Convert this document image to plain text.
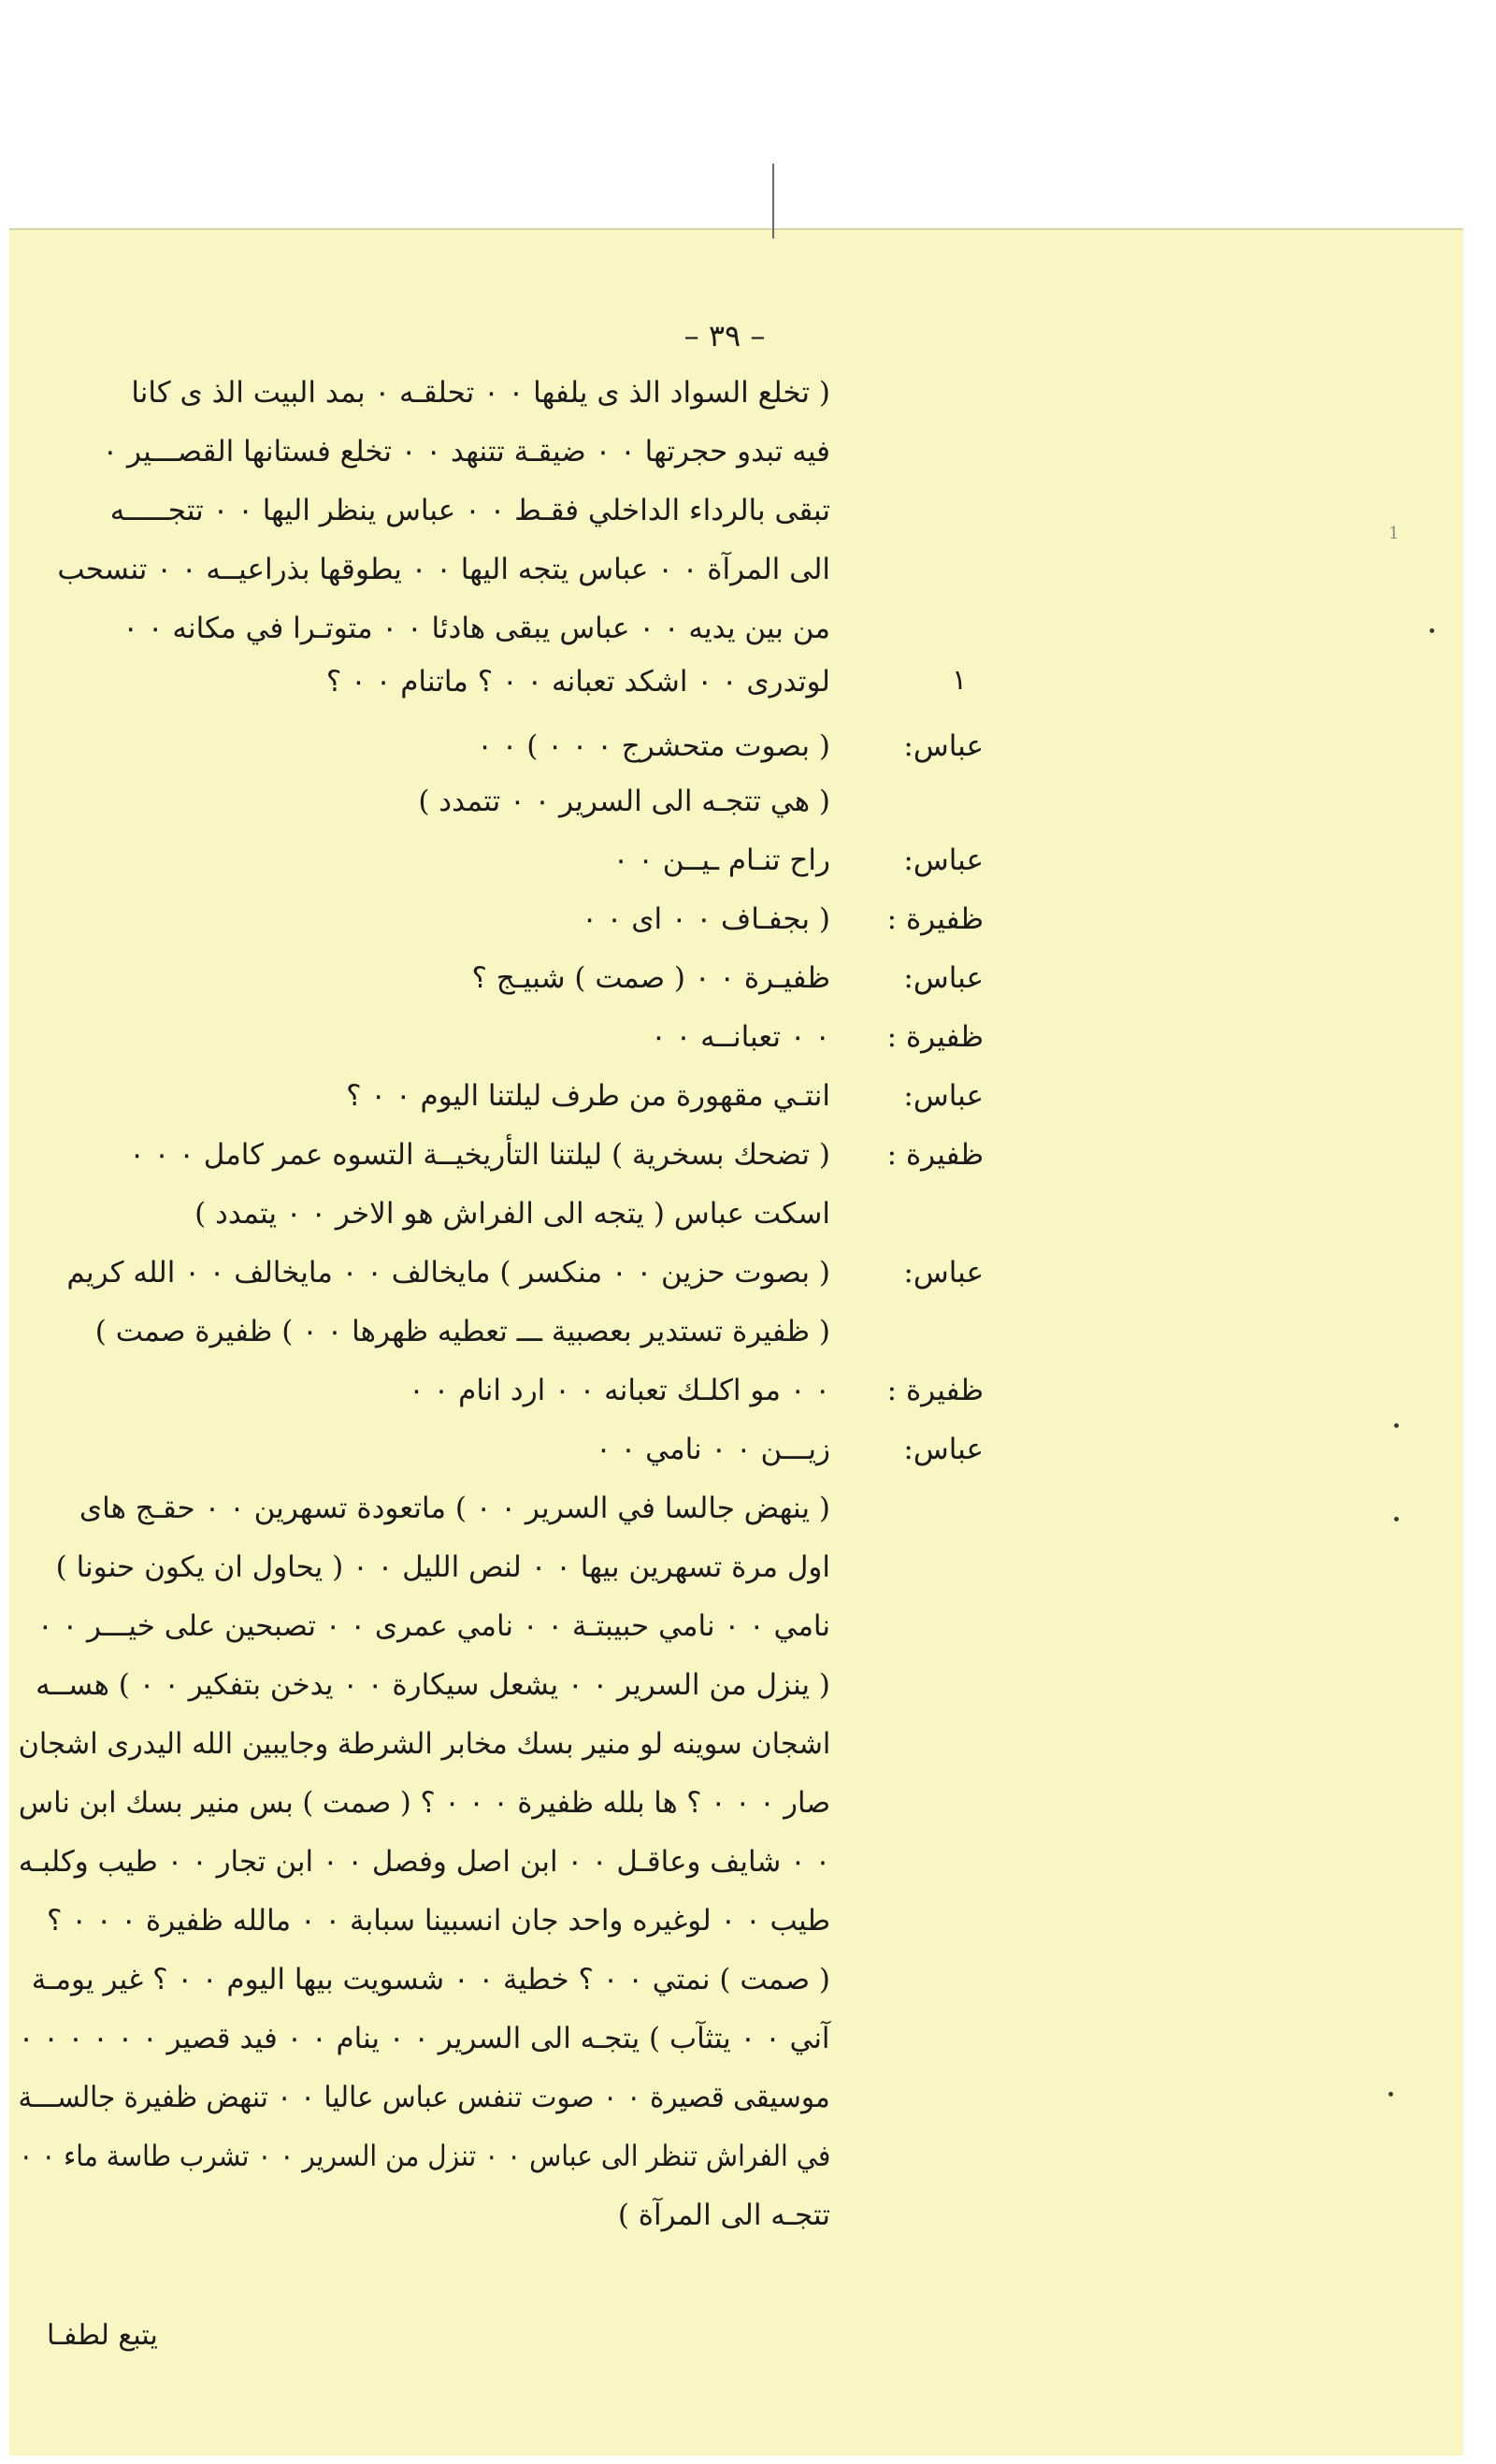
– ٣٩ –
١
1
( تخلع السواد الذ ى يلفها ٠ ٠ تحلقـه ٠ بمد البيت الذ ى كانا
فيه تبدو حجرتها ٠ ٠ ضيقـة تتنهد ٠ ٠ تخلع فستانها القصـــير ٠
تبقى بالرداء الداخلي فقـط ٠ ٠ عباس ينظر اليها ٠ ٠ تتجـــــه
الى المرآة ٠ ٠ عباس يتجه اليها ٠ ٠ يطوقها بذراعيــه ٠ ٠ تنسحب
من بين يديه ٠ ٠ عباس يبقى هادئا ٠ ٠ متوتـرا في مكانه ٠ ٠
لوتدرى ٠ ٠ اشكد تعبانه ٠ ٠ ؟ ماتنام ٠ ٠ ؟
عباس:
( بصوت متحشرج ٠ ٠ ٠ ) ٠ ٠
( هي تتجـه الى السرير ٠ ٠ تتمدد )
عباس:
راح تنـام ـيــن ٠ ٠
ظفيرة :
( بجفـاف ٠ ٠ اى ٠ ٠
عباس:
ظفيـرة ٠ ٠ ( صمت ) شبيـج ؟
ظفيرة :
٠ ٠ تعبانــه ٠ ٠
عباس:
انتـي مقهورة من طرف ليلتنا اليوم ٠ ٠ ؟
ظفيرة :
( تضحك بسخرية ) ليلتنا التأريخيــة التسوه عمر كامل ٠ ٠ ٠
اسكت عباس ( يتجه الى الفراش هو الاخر ٠ ٠ يتمدد )
عباس:
( بصوت حزين ٠ ٠ منكسر ) مايخالف ٠ ٠ مايخالف ٠ ٠ الله كريم
( ظفيرة تستدير بعصبية ـــ تعطيه ظهرها ٠ ٠ ) ظفيرة صمت )
ظفيرة :
٠ ٠ مو اكلـك تعبانه ٠ ٠ ارد انام ٠ ٠
عباس:
زيـــن ٠ ٠ نامي ٠ ٠
( ينهض جالسا في السرير ٠ ٠ ) ماتعودة تسهرين ٠ ٠ حقـج هاى
اول مرة تسهرين بيها ٠ ٠ لنص الليل ٠ ٠ ( يحاول ان يكون حنونا )
نامي ٠ ٠ نامي حبيبتـة ٠ ٠ نامي عمرى ٠ ٠ تصبحين على خيـــر ٠ ٠
( ينزل من السرير ٠ ٠ يشعل سيكارة ٠ ٠ يدخن بتفكير ٠ ٠ ) هســه
اشجان سوينه لو منير بسك مخابر الشرطة وجايبين الله اليدرى اشجان
صار ٠ ٠ ٠ ؟ ها بلله ظفيرة ٠ ٠ ٠ ؟ ( صمت ) بس منير بسك ابن ناس
٠ ٠ شايف وعاقـل ٠ ٠ ابن اصل وفصل ٠ ٠ ابن تجار ٠ ٠ طيب وكلبـه
طيب ٠ ٠ لوغيره واحد جان انسبينا سبابة ٠ ٠ مالله ظفيرة ٠ ٠ ٠ ؟
( صمت ) نمتي ٠ ٠ ؟ خطية ٠ ٠ شسويت بيها اليوم ٠ ٠ ؟ غير يومـة
آني ٠ ٠ يتثآب ) يتجـه الى السرير ٠ ٠ ينام ٠ ٠ فيد قصير ٠ ٠ ٠ ٠ ٠ ٠
موسيقى قصيرة ٠ ٠ صوت تنفس عباس عاليا ٠ ٠ تنهض ظفيرة جالســـة
في الفراش تنظر الى عباس ٠ ٠ تنزل من السرير ٠ ٠ تشرب طاسة ماء ٠ ٠
تتجـه الى المرآة )
يتبع لطفـا
